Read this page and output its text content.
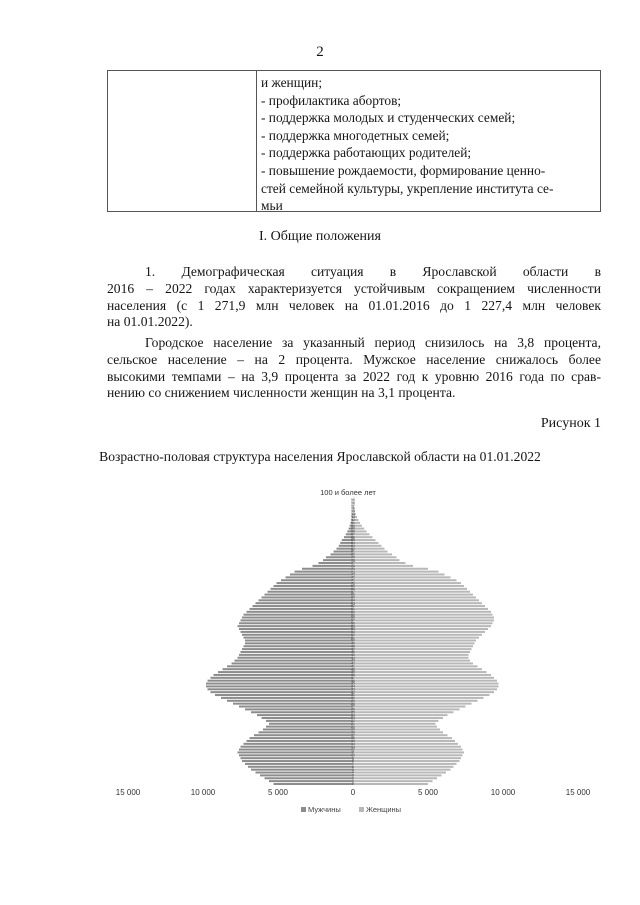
2
и женщин;
- профилактика абортов;
- поддержка молодых и студенческих семей;
- поддержка многодетных семей;
- поддержка работающих родителей;
- повышение рождаемости, формирование ценно-
стей семейной культуры, укрепление института се-
мьи
I. Общие положения
1. Демографическая ситуация в Ярославской области в
2016 – 2022 годах характеризуется устойчивым сокращением численности
населения (с 1 271,9 млн человек на 01.01.2016 до 1 227,4 млн человек
на 01.01.2022).
Городское население за указанный период снизилось на 3,8 процента,
сельское население – на 2 процента. Мужское население снижалось более
высокими темпами – на 3,9 процента за 2022 год к уровню 2016 года по срав-
нению со снижением численности женщин на 3,1 процента.
Рисунок 1
Возрастно-половая структура населения Ярославской области на 01.01.2022
0
1
2
3
4
5
6
7
8
9
10
11
12
13
14
15
16
17
18
19
20
21
22
23
24
25
26
27
28
29
30
31
32
33
34
35
36
37
38
39
40
41
42
43
44
45
46
47
48
49
50
51
52
53
54
55
56
57
58
59
60
61
62
63
64
65
66
67
68
69
70
71
72
73
74
75
76
77
78
79
80
81
82
83
84
85
86
87
88
89
90
91
92
93
94
95
96
97
98
99
100 и более лет
15 000	10 000	5 000	0	5 000	10 000	15 000
Мужчины	Женщины
